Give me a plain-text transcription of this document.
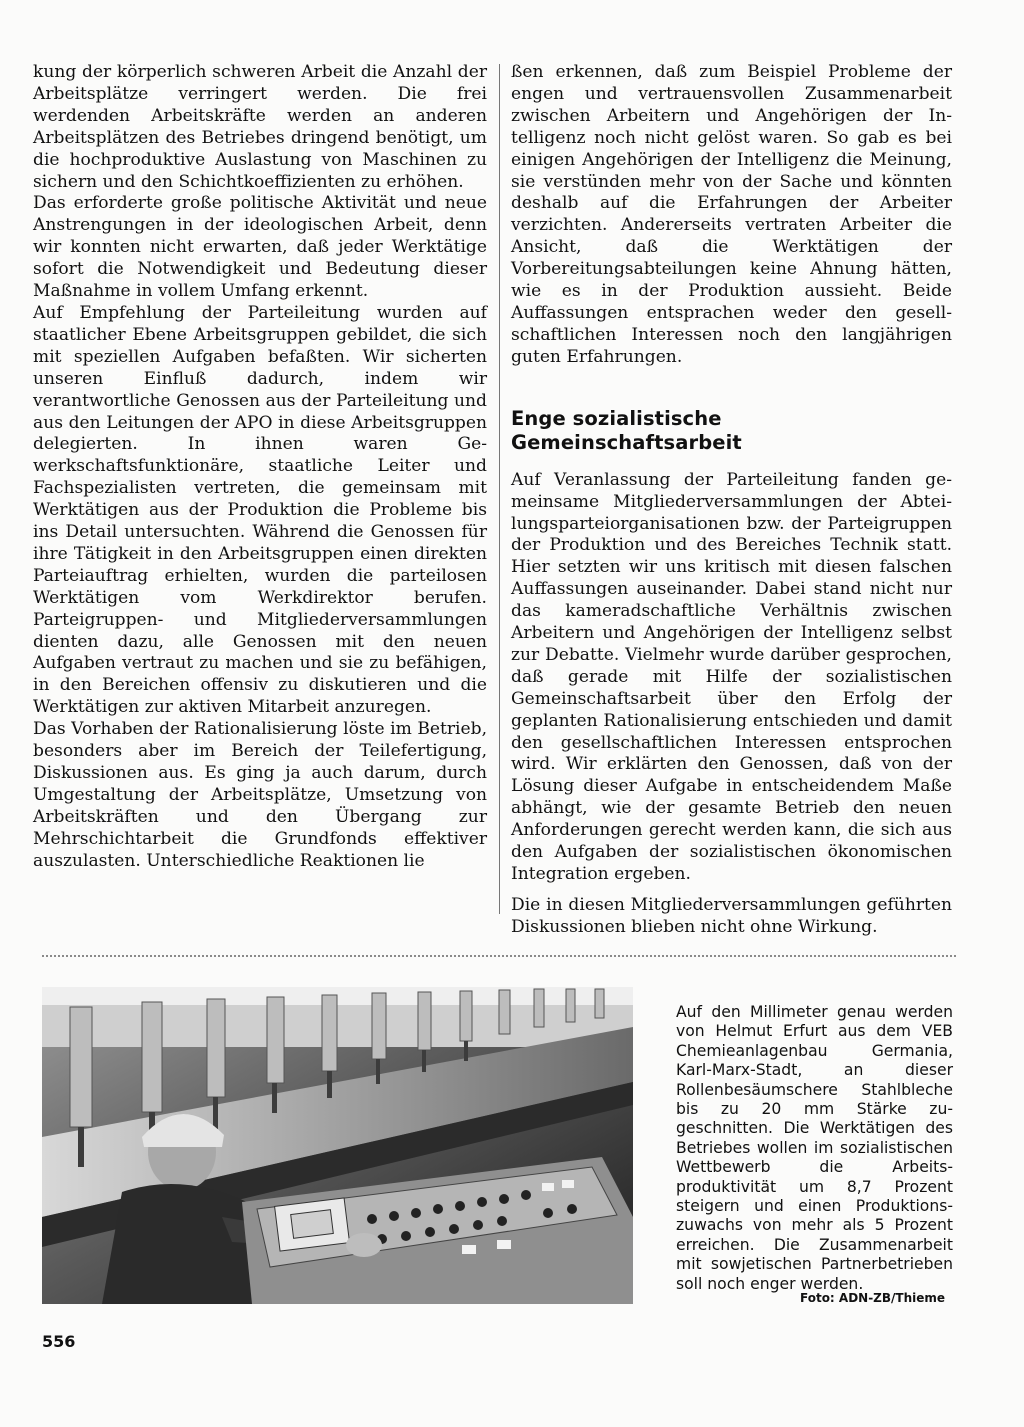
kung der körperlich schweren Arbeit die Anzahl der Arbeitsplätze verringert werden. Die frei werdenden Arbeitskräfte werden an anderen Arbeitsplätzen des Betriebes dringend benötigt, um die hochproduktive Auslastung von Maschinen zu sichern und den Schichtkoeffizienten zu erhöhen.

Das erforderte große politische Aktivität und neue Anstrengungen in der ideologischen Arbeit, denn wir konnten nicht erwarten, daß jeder Werktätige sofort die Notwendigkeit und Bedeutung dieser Maßnahme in vollem Umfang erkennt.

Auf Empfehlung der Parteileitung wurden auf staatlicher Ebene Arbeitsgruppen gebildet, die sich mit speziellen Aufgaben befaßten. Wir sicherten unseren Einfluß dadurch, indem wir verantwortliche Genossen aus der Parteileitung und aus den Leitungen der APO in diese Arbeitsgruppen delegierten. In ihnen waren Gewerkschaftsfunktionäre, staatliche Leiter und Fachspezialisten vertreten, die gemeinsam mit Werktätigen aus der Produktion die Probleme bis ins Detail untersuchten. Während die Genossen für ihre Tätigkeit in den Arbeitsgruppen einen direkten Parteiauftrag erhielten, wurden die parteilosen Werktätigen vom Werkdirektor berufen. Parteigruppen- und Mitgliederversammlungen dienten dazu, alle Genossen mit den neuen Aufgaben vertraut zu machen und sie zu befähigen, in den Bereichen offensiv zu diskutieren und die Werktätigen zur aktiven Mitarbeit anzuregen.

Das Vorhaben der Rationalisierung löste im Betrieb, besonders aber im Bereich der Teilefertigung, Diskussionen aus. Es ging ja auch darum, durch Umgestaltung der Arbeitsplätze, Umsetzung von Arbeitskräften und den Übergang zur Mehrschichtarbeit die Grundfonds effektiver auszulasten. Unterschiedliche Reaktionen lie

ßen erkennen, daß zum Beispiel Probleme der engen und vertrauensvollen Zusammenarbeit zwischen Arbeitern und Angehörigen der Intelligenz noch nicht gelöst waren. So gab es bei einigen Angehörigen der Intelligenz die Meinung, sie verstünden mehr von der Sache und könnten deshalb auf die Erfahrungen der Arbeiter verzichten. Andererseits vertraten Arbeiter die Ansicht, daß die Werktätigen der Vorbereitungsabteilungen keine Ahnung hätten, wie es in der Produktion aussieht. Beide Auffassungen entsprachen weder den gesellschaftlichen Interessen noch den langjährigen guten Erfahrungen.

Enge sozialistische Gemeinschaftsarbeit

Auf Veranlassung der Parteileitung fanden gemeinsame Mitgliederversammlungen der Abteilungsparteiorganisationen bzw. der Parteigruppen der Produktion und des Bereiches Technik statt. Hier setzten wir uns kritisch mit diesen falschen Auffassungen auseinander. Dabei stand nicht nur das kameradschaftliche Verhältnis zwischen Arbeitern und Angehörigen der Intelligenz selbst zur Debatte. Vielmehr wurde darüber gesprochen, daß gerade mit Hilfe der sozialistischen Gemeinschaftsarbeit über den Erfolg der geplanten Rationalisierung entschieden und damit den gesellschaftlichen Interessen entsprochen wird. Wir erklärten den Genossen, daß von der Lösung dieser Aufgabe in entscheidendem Maße abhängt, wie der gesamte Betrieb den neuen Anforderungen gerecht werden kann, die sich aus den Aufgaben der sozialistischen ökonomischen Integration ergeben.

Die in diesen Mitgliederversammlungen geführten Diskussionen blieben nicht ohne Wirkung.

Auf den Millimeter genau werden von Helmut Erfurt aus dem VEB Chemieanlagenbau Germania, Karl-Marx-Stadt, an dieser Rollenbesäumschere Stahlbleche bis zu 20 mm Stärke zugeschnitten. Die Werktätigen des Betriebes wollen im sozialistischen Wettbewerb die Arbeitsproduktivität um 8,7 Prozent steigern und einen Produktionszuwachs von mehr als 5 Prozent erreichen. Die Zusammenarbeit mit sowjetischen Partnerbetrieben soll noch enger werden.
Foto: ADN-ZB/Thieme
556
